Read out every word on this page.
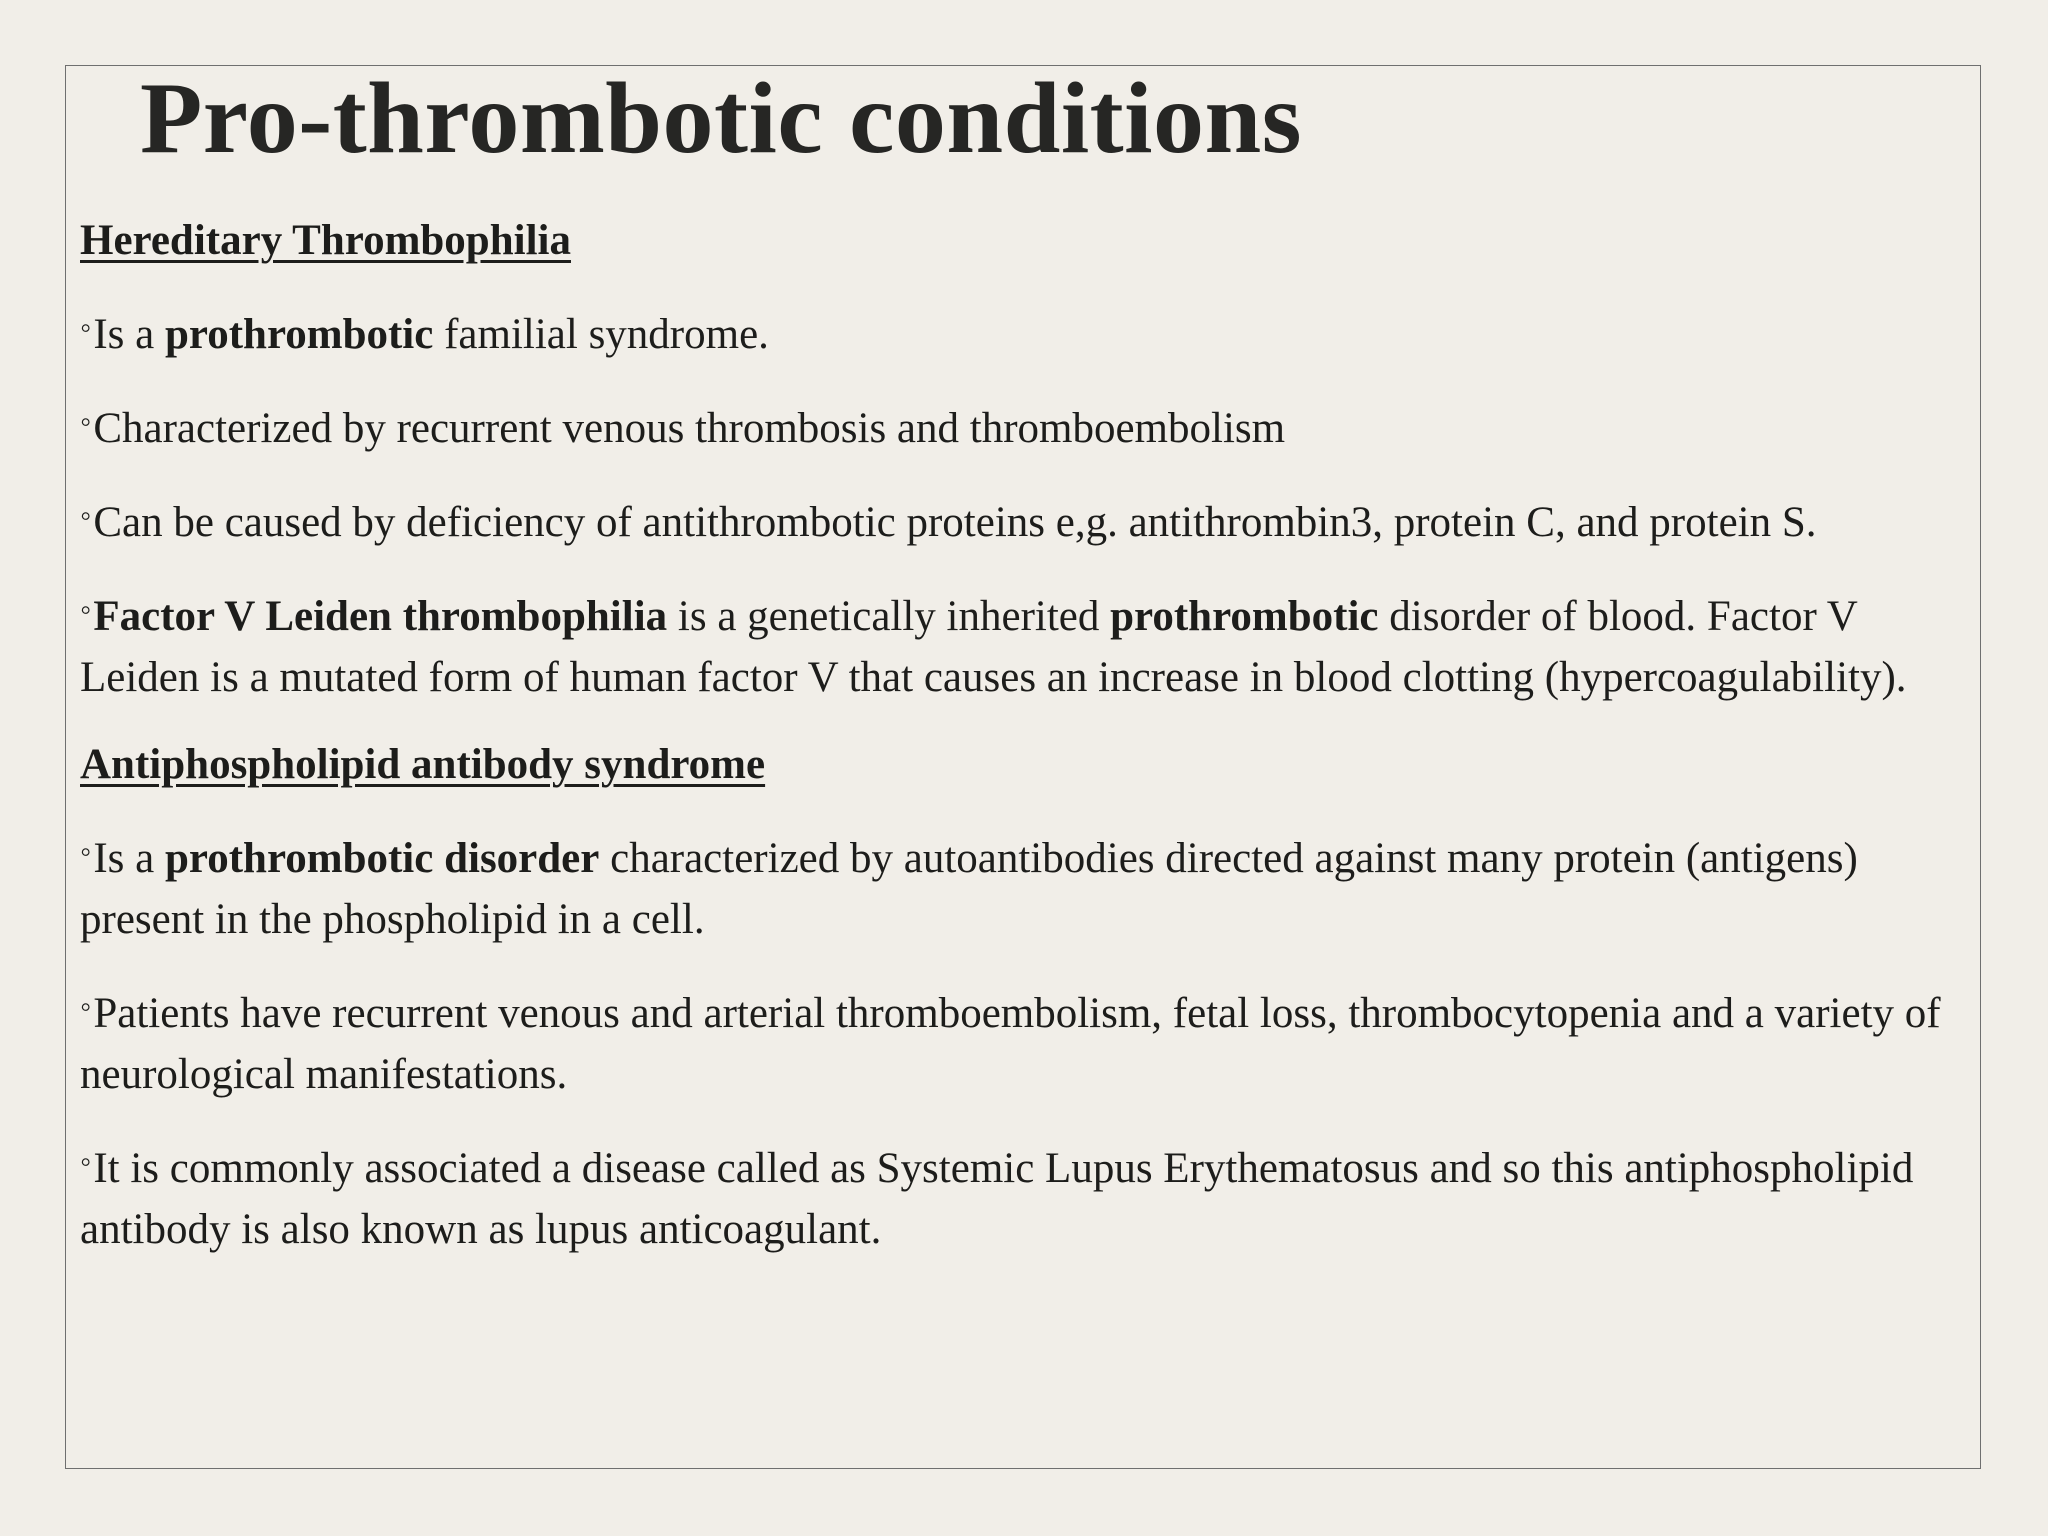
Pro-thrombotic conditions

Hereditary Thrombophilia

◦Is a prothrombotic familial syndrome.

◦Characterized by recurrent venous thrombosis and thromboembolism

◦Can be caused by deficiency of antithrombotic proteins e,g. antithrombin3, protein C, and protein S.

◦Factor V Leiden thrombophilia is a genetically inherited prothrombotic disorder of blood. Factor V Leiden is a mutated form of human factor V that causes an increase in blood clotting (hypercoagulability).

Antiphospholipid antibody syndrome

◦Is a prothrombotic disorder characterized by autoantibodies directed against many protein (antigens) present in the phospholipid in a cell.

◦Patients have recurrent venous and arterial thromboembolism, fetal loss, thrombocytopenia and a variety of neurological manifestations.

◦It is commonly associated a disease called as Systemic Lupus Erythematosus and so this antiphospholipid antibody is also known as lupus anticoagulant.
